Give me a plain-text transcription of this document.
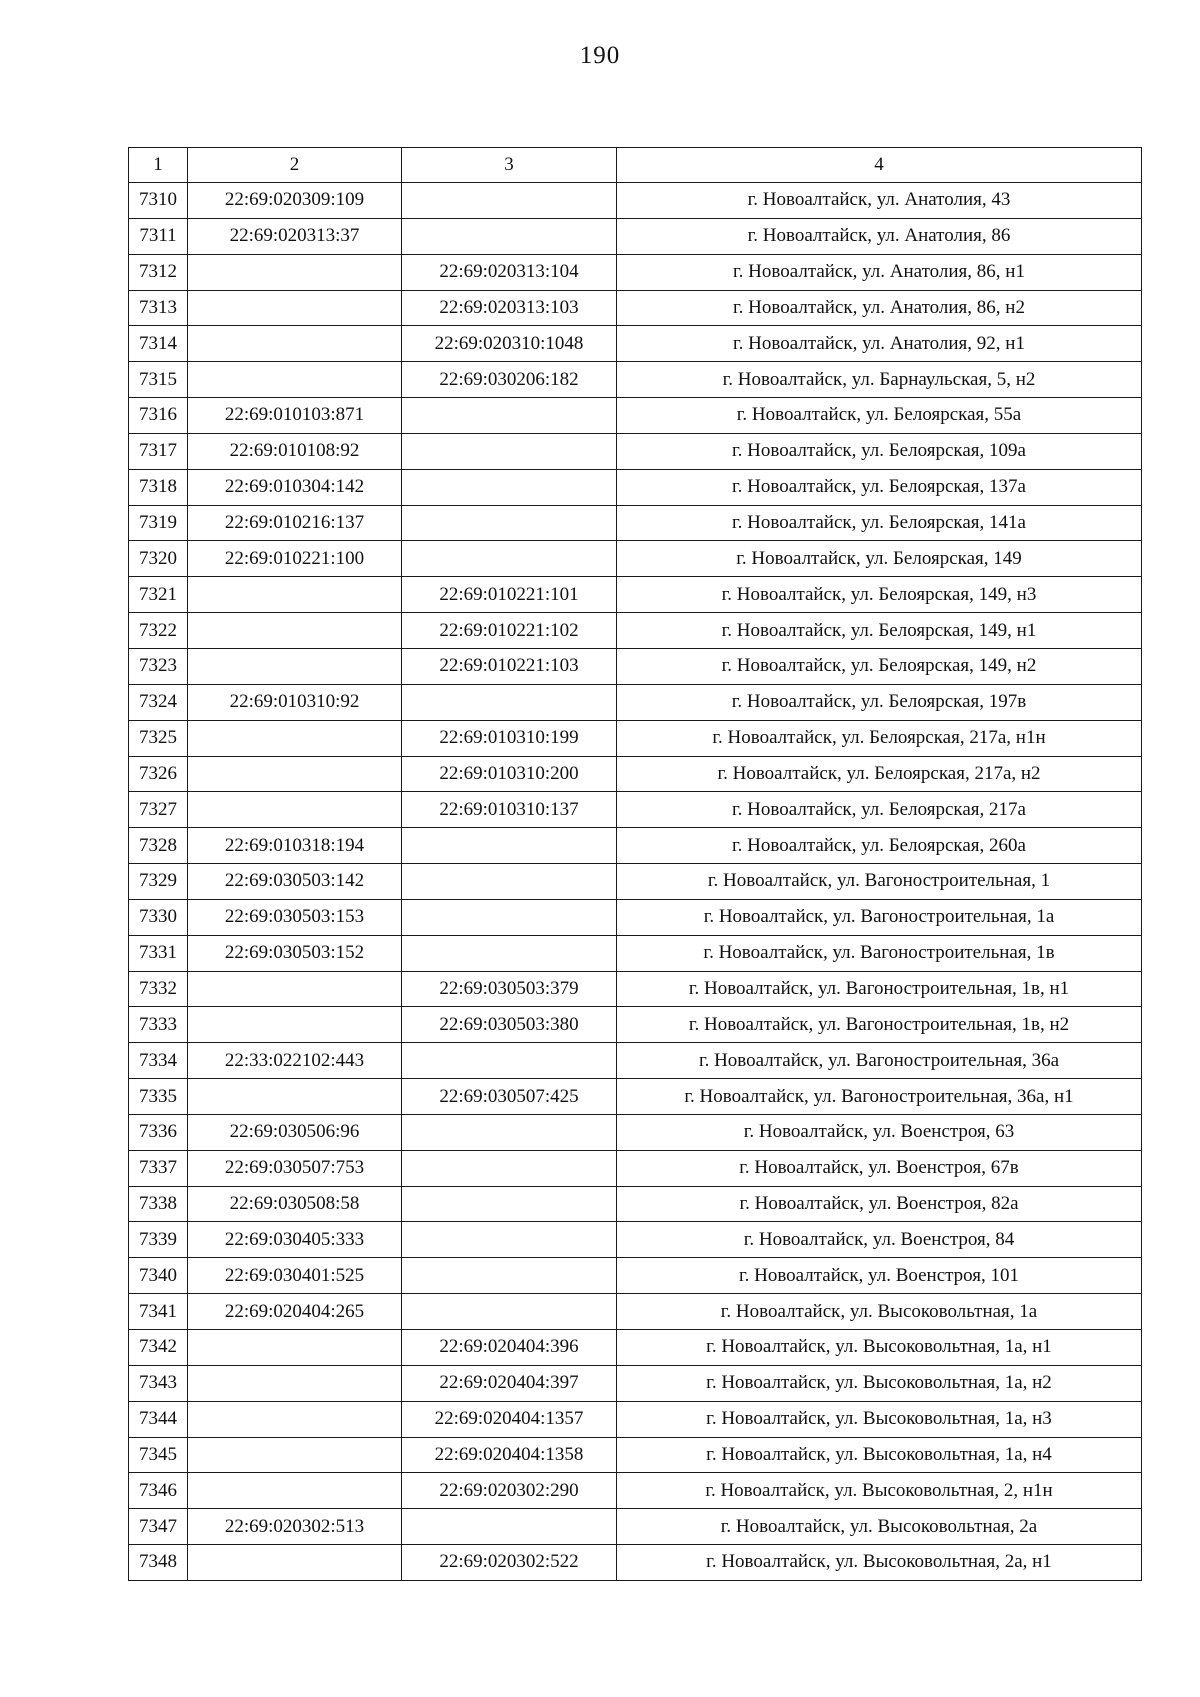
190
1	2	3	4
7310	22:69:020309:109		г. Новоалтайск, ул. Анатолия, 43
7311	22:69:020313:37		г. Новоалтайск, ул. Анатолия, 86
7312		22:69:020313:104	г. Новоалтайск, ул. Анатолия, 86, н1
7313		22:69:020313:103	г. Новоалтайск, ул. Анатолия, 86, н2
7314		22:69:020310:1048	г. Новоалтайск, ул. Анатолия, 92, н1
7315		22:69:030206:182	г. Новоалтайск, ул. Барнаульская, 5, н2
7316	22:69:010103:871		г. Новоалтайск, ул. Белоярская, 55а
7317	22:69:010108:92		г. Новоалтайск, ул. Белоярская, 109а
7318	22:69:010304:142		г. Новоалтайск, ул. Белоярская, 137а
7319	22:69:010216:137		г. Новоалтайск, ул. Белоярская, 141а
7320	22:69:010221:100		г. Новоалтайск, ул. Белоярская, 149
7321		22:69:010221:101	г. Новоалтайск, ул. Белоярская, 149, н3
7322		22:69:010221:102	г. Новоалтайск, ул. Белоярская, 149, н1
7323		22:69:010221:103	г. Новоалтайск, ул. Белоярская, 149, н2
7324	22:69:010310:92		г. Новоалтайск, ул. Белоярская, 197в
7325		22:69:010310:199	г. Новоалтайск, ул. Белоярская, 217а, н1н
7326		22:69:010310:200	г. Новоалтайск, ул. Белоярская, 217а, н2
7327		22:69:010310:137	г. Новоалтайск, ул. Белоярская, 217а
7328	22:69:010318:194		г. Новоалтайск, ул. Белоярская, 260а
7329	22:69:030503:142		г. Новоалтайск, ул. Вагоностроительная, 1
7330	22:69:030503:153		г. Новоалтайск, ул. Вагоностроительная, 1а
7331	22:69:030503:152		г. Новоалтайск, ул. Вагоностроительная, 1в
7332		22:69:030503:379	г. Новоалтайск, ул. Вагоностроительная, 1в, н1
7333		22:69:030503:380	г. Новоалтайск, ул. Вагоностроительная, 1в, н2
7334	22:33:022102:443		г. Новоалтайск, ул. Вагоностроительная, 36а
7335		22:69:030507:425	г. Новоалтайск, ул. Вагоностроительная, 36а, н1
7336	22:69:030506:96		г. Новоалтайск, ул. Военстроя, 63
7337	22:69:030507:753		г. Новоалтайск, ул. Военстроя, 67в
7338	22:69:030508:58		г. Новоалтайск, ул. Военстроя, 82а
7339	22:69:030405:333		г. Новоалтайск, ул. Военстроя, 84
7340	22:69:030401:525		г. Новоалтайск, ул. Военстроя, 101
7341	22:69:020404:265		г. Новоалтайск, ул. Высоковольтная, 1а
7342		22:69:020404:396	г. Новоалтайск, ул. Высоковольтная, 1а, н1
7343		22:69:020404:397	г. Новоалтайск, ул. Высоковольтная, 1а, н2
7344		22:69:020404:1357	г. Новоалтайск, ул. Высоковольтная, 1а, н3
7345		22:69:020404:1358	г. Новоалтайск, ул. Высоковольтная, 1а, н4
7346		22:69:020302:290	г. Новоалтайск, ул. Высоковольтная, 2, н1н
7347	22:69:020302:513		г. Новоалтайск, ул. Высоковольтная, 2а
7348		22:69:020302:522	г. Новоалтайск, ул. Высоковольтная, 2а, н1
